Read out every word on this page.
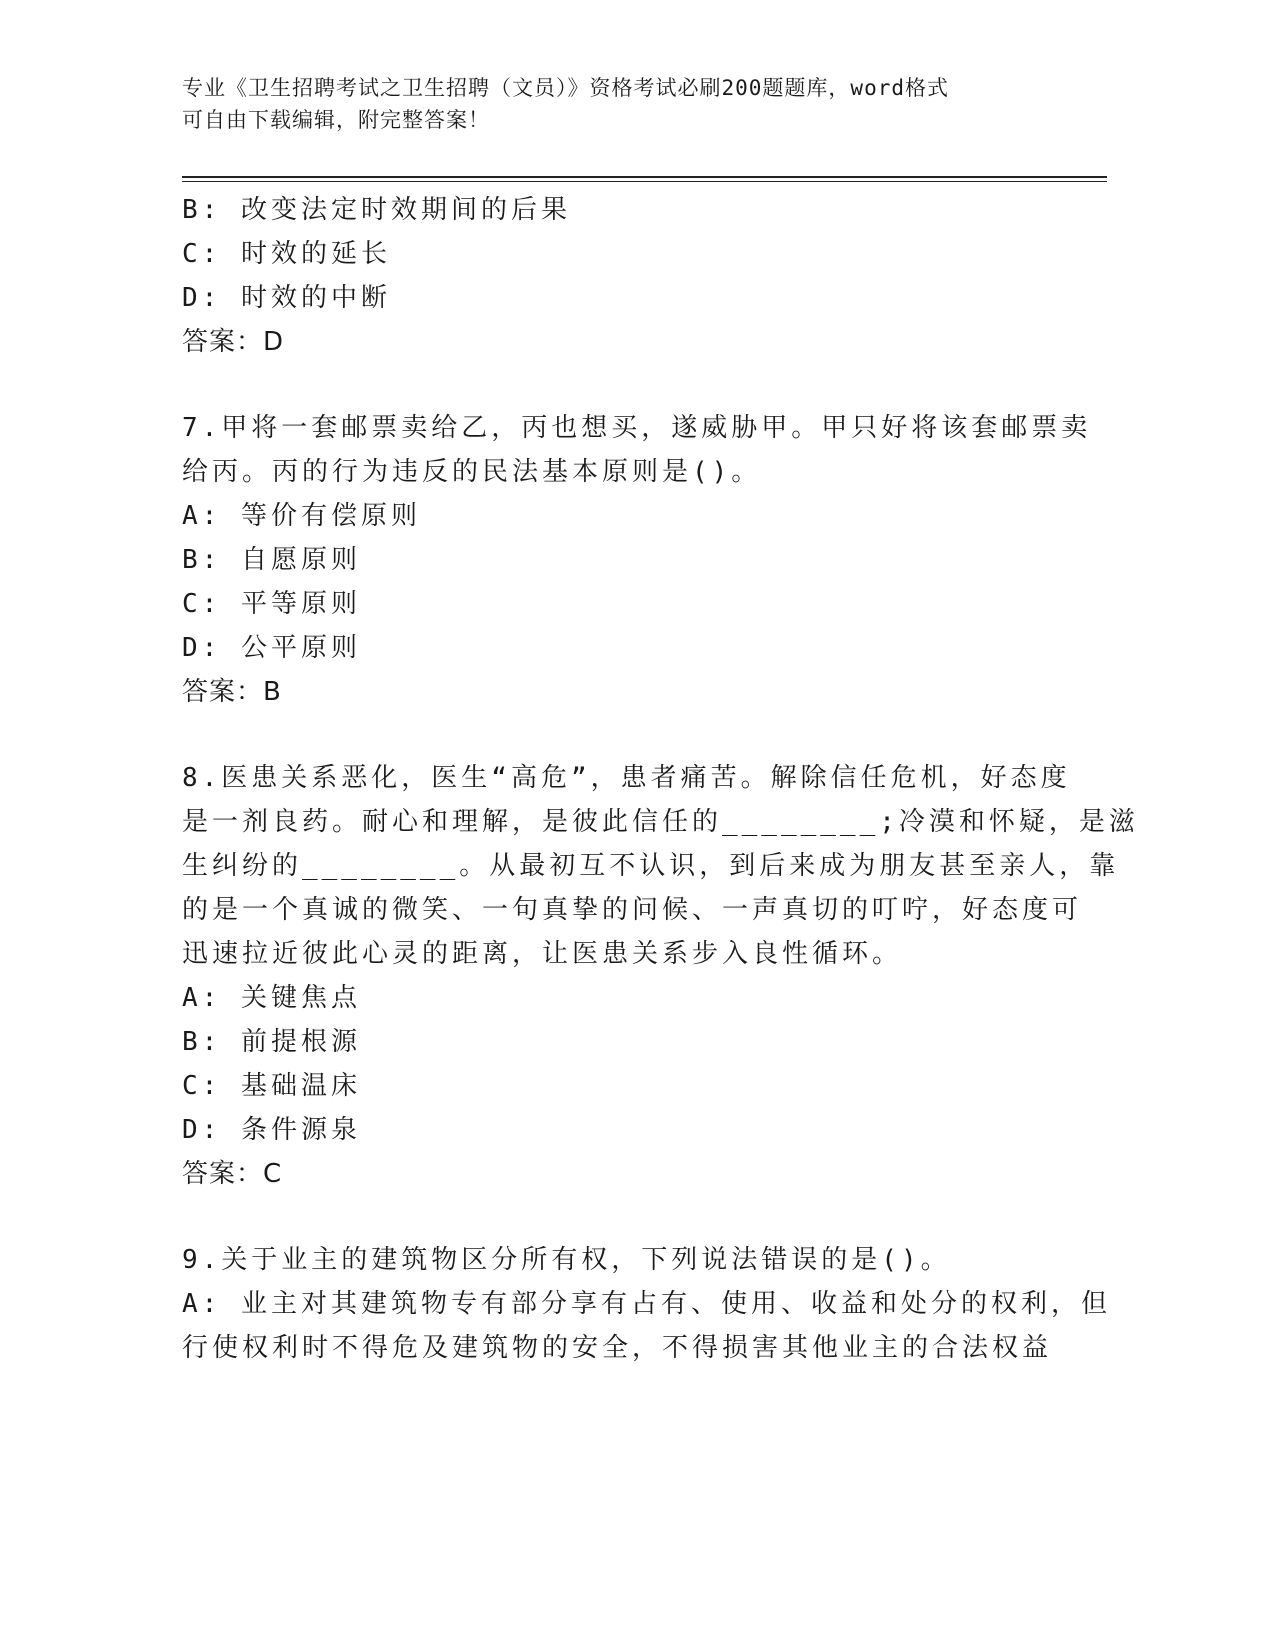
专业《卫生招聘考试之卫生招聘（文员）》资格考试必刷200题题库，word格式
可自由下载编辑，附完整答案！
B: 改变法定时效期间的后果
C: 时效的延长
D: 时效的中断
答案：D
7.甲将一套邮票卖给乙，丙也想买，遂威胁甲。甲只好将该套邮票卖
给丙。丙的行为违反的民法基本原则是()。
A: 等价有偿原则
B: 自愿原则
C: 平等原则
D: 公平原则
答案：B
8.医患关系恶化，医生“高危”，患者痛苦。解除信任危机，好态度
是一剂良药。耐心和理解，是彼此信任的________;冷漠和怀疑，是滋
生纠纷的________。从最初互不认识，到后来成为朋友甚至亲人，靠
的是一个真诚的微笑、一句真挚的问候、一声真切的叮咛，好态度可
迅速拉近彼此心灵的距离，让医患关系步入良性循环。
A: 关键焦点
B: 前提根源
C: 基础温床
D: 条件源泉
答案：C
9.关于业主的建筑物区分所有权，下列说法错误的是()。
A: 业主对其建筑物专有部分享有占有、使用、收益和处分的权利，但
行使权利时不得危及建筑物的安全，不得损害其他业主的合法权益
